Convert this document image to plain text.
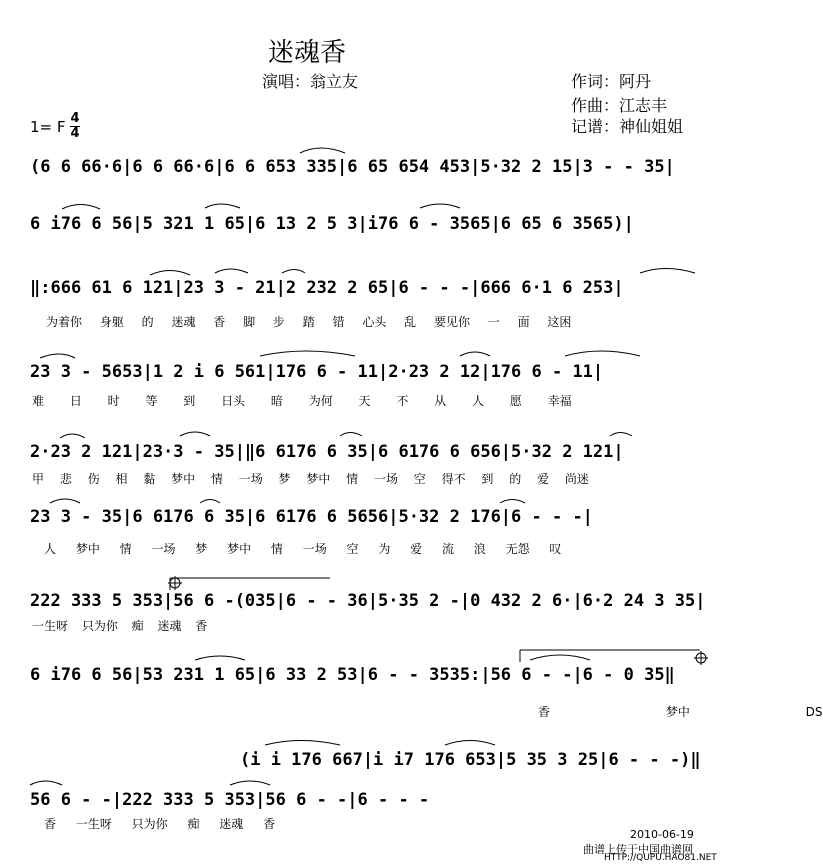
迷魂香
演唱：翁立友	作词：阿丹
作曲：江志丰
记谱：神仙姐姐
1= F 4
4
(6 6 66·6|6 6 66·6|6 6 653 335|6 65 654 453|5·32 2 15|3 - - 35|
6 i76 6 56|5 321 1 65|6 13 2 5 3|i76 6 - 3565|6 65 6 3565)|
‖:666 61 6 121|23 3 - 21|2 232 2 65|6 - - -|666 6·1 6 253|
为着你 身躯 的 迷魂 香 脚 步 踏 错 心头 乱 要见你 一 面 这困
23 3 - 5653|1 2 i 6 561|176 6 - 11|2·23 2 12|176 6 - 11|
难 日 时 等 到 日头 暗 为何 天 不 从 人 愿 幸福
2·23 2 121|23·3 - 35|‖6 6176 6 35|6 6176 6 656|5·32 2 121|
甲 悲 伤 相 黏 梦中 情 一场 梦 梦中 情 一场 空 得不 到 的 爱 尚迷
23 3 - 35|6 6176 6 35|6 6176 6 5656|5·32 2 176|6 - - -|
人 梦中 情 一场 梦 梦中 情 一场 空 为 爱 流 浪 无怨 叹
222 333 5 353|56 6 -(035|6 - - 36|5·35 2 -|0 432 2 6·|6·2 24 3 35|
一生呀 只为你 痴 迷魂 香
6 i76 6 56|53 231 1 65|6 33 2 53|6 - - 3535:|56 6 - -|6 - 0 35‖
香 梦中 DS
(i i 176 667|i i7 176 653|5 35 3 25|6 - - -)‖
56 6 - -|222 333 5 353|56 6 - -|6 - - -
香 一生呀 只为你 痴 迷魂 香
2010-06-19
曲谱上传于中国曲谱网
HTTP://QUPU.HAO81.NET
